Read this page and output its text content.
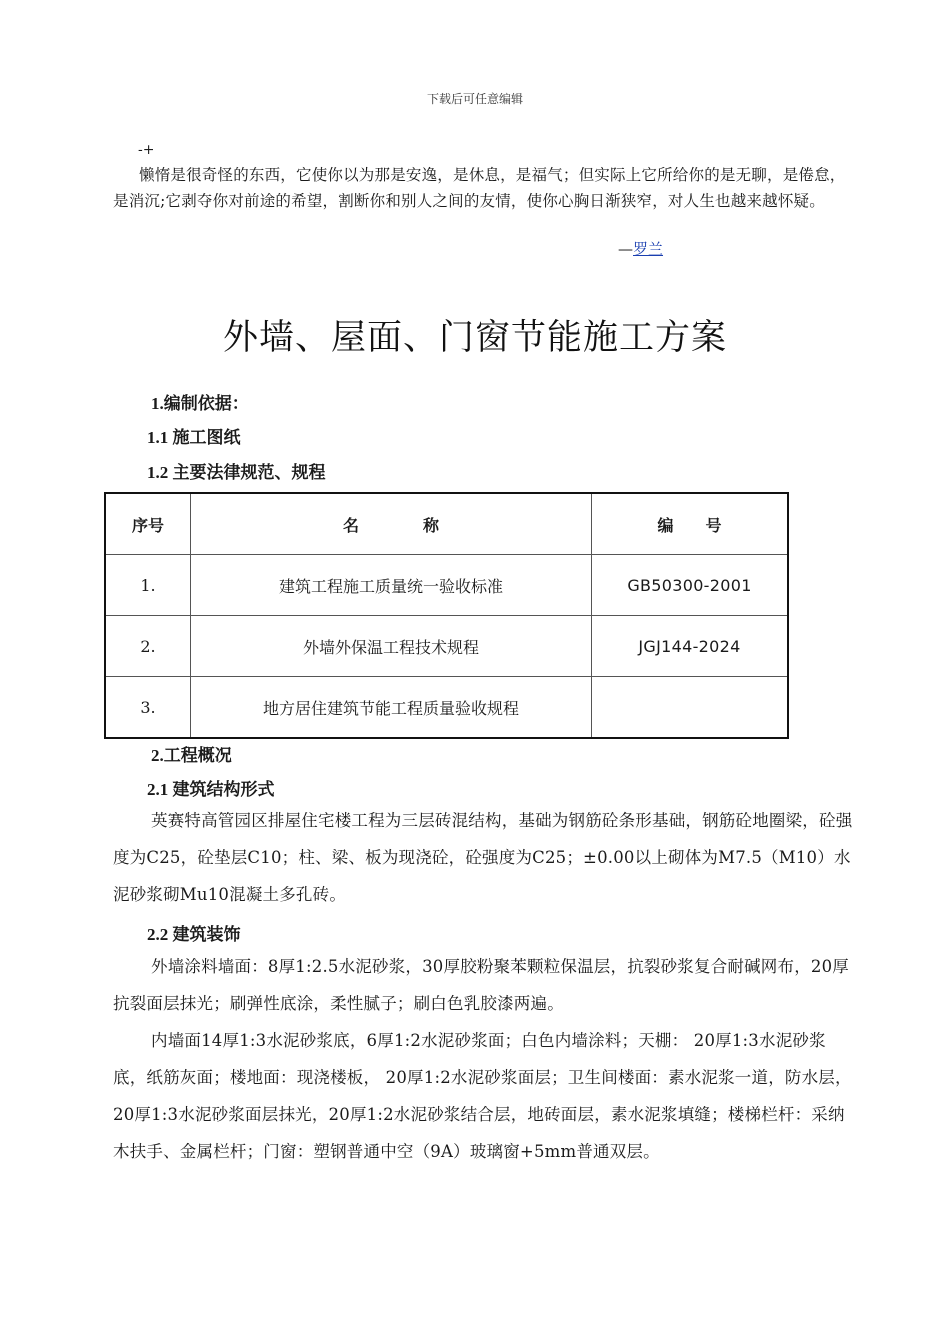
下载后可任意编辑
-+
懒惰是很奇怪的东西，它使你以为那是安逸，是休息，是福气；但实际上它所给你的是无聊，是倦怠，是消沉;它剥夺你对前途的希望，割断你和别人之间的友情，使你心胸日渐狭窄，对人生也越来越怀疑。
—罗兰
外墙、屋面、门窗节能施工方案
1.编制依据：
1.1 施工图纸
1.2 主要法律规范、规程
序号	名　　　　称	编　　号
1.	建筑工程施工质量统一验收标准	GB50300-2001
2.	外墙外保温工程技术规程	JGJ144-2024
3.	地方居住建筑节能工程质量验收规程	
2.工程概况
2.1 建筑结构形式
英赛特高管园区排屋住宅楼工程为三层砖混结构，基础为钢筋砼条形基础，钢筋砼地圈梁，砼强度为C25，砼垫层C10；柱、梁、板为现浇砼，砼强度为C25；±0.00以上砌体为M7.5（M10）水泥砂浆砌Mu10混凝土多孔砖。
2.2 建筑装饰
外墙涂料墙面：8厚1:2.5水泥砂浆，30厚胶粉聚苯颗粒保温层，抗裂砂浆复合耐碱网布，20厚抗裂面层抹光；刷弹性底涂，柔性腻子；刷白色乳胶漆两遍。
内墙面14厚1:3水泥砂浆底，6厚1:2水泥砂浆面；白色内墙涂料；天棚： 20厚1:3水泥砂浆底，纸筋灰面；楼地面：现浇楼板， 20厚1:2水泥砂浆面层；卫生间楼面：素水泥浆一道，防水层，20厚1:3水泥砂浆面层抹光，20厚1:2水泥砂浆结合层，地砖面层，素水泥浆填缝；楼梯栏杆：采纳木扶手、金属栏杆；门窗：塑钢普通中空（9A）玻璃窗+5mm普通双层。
